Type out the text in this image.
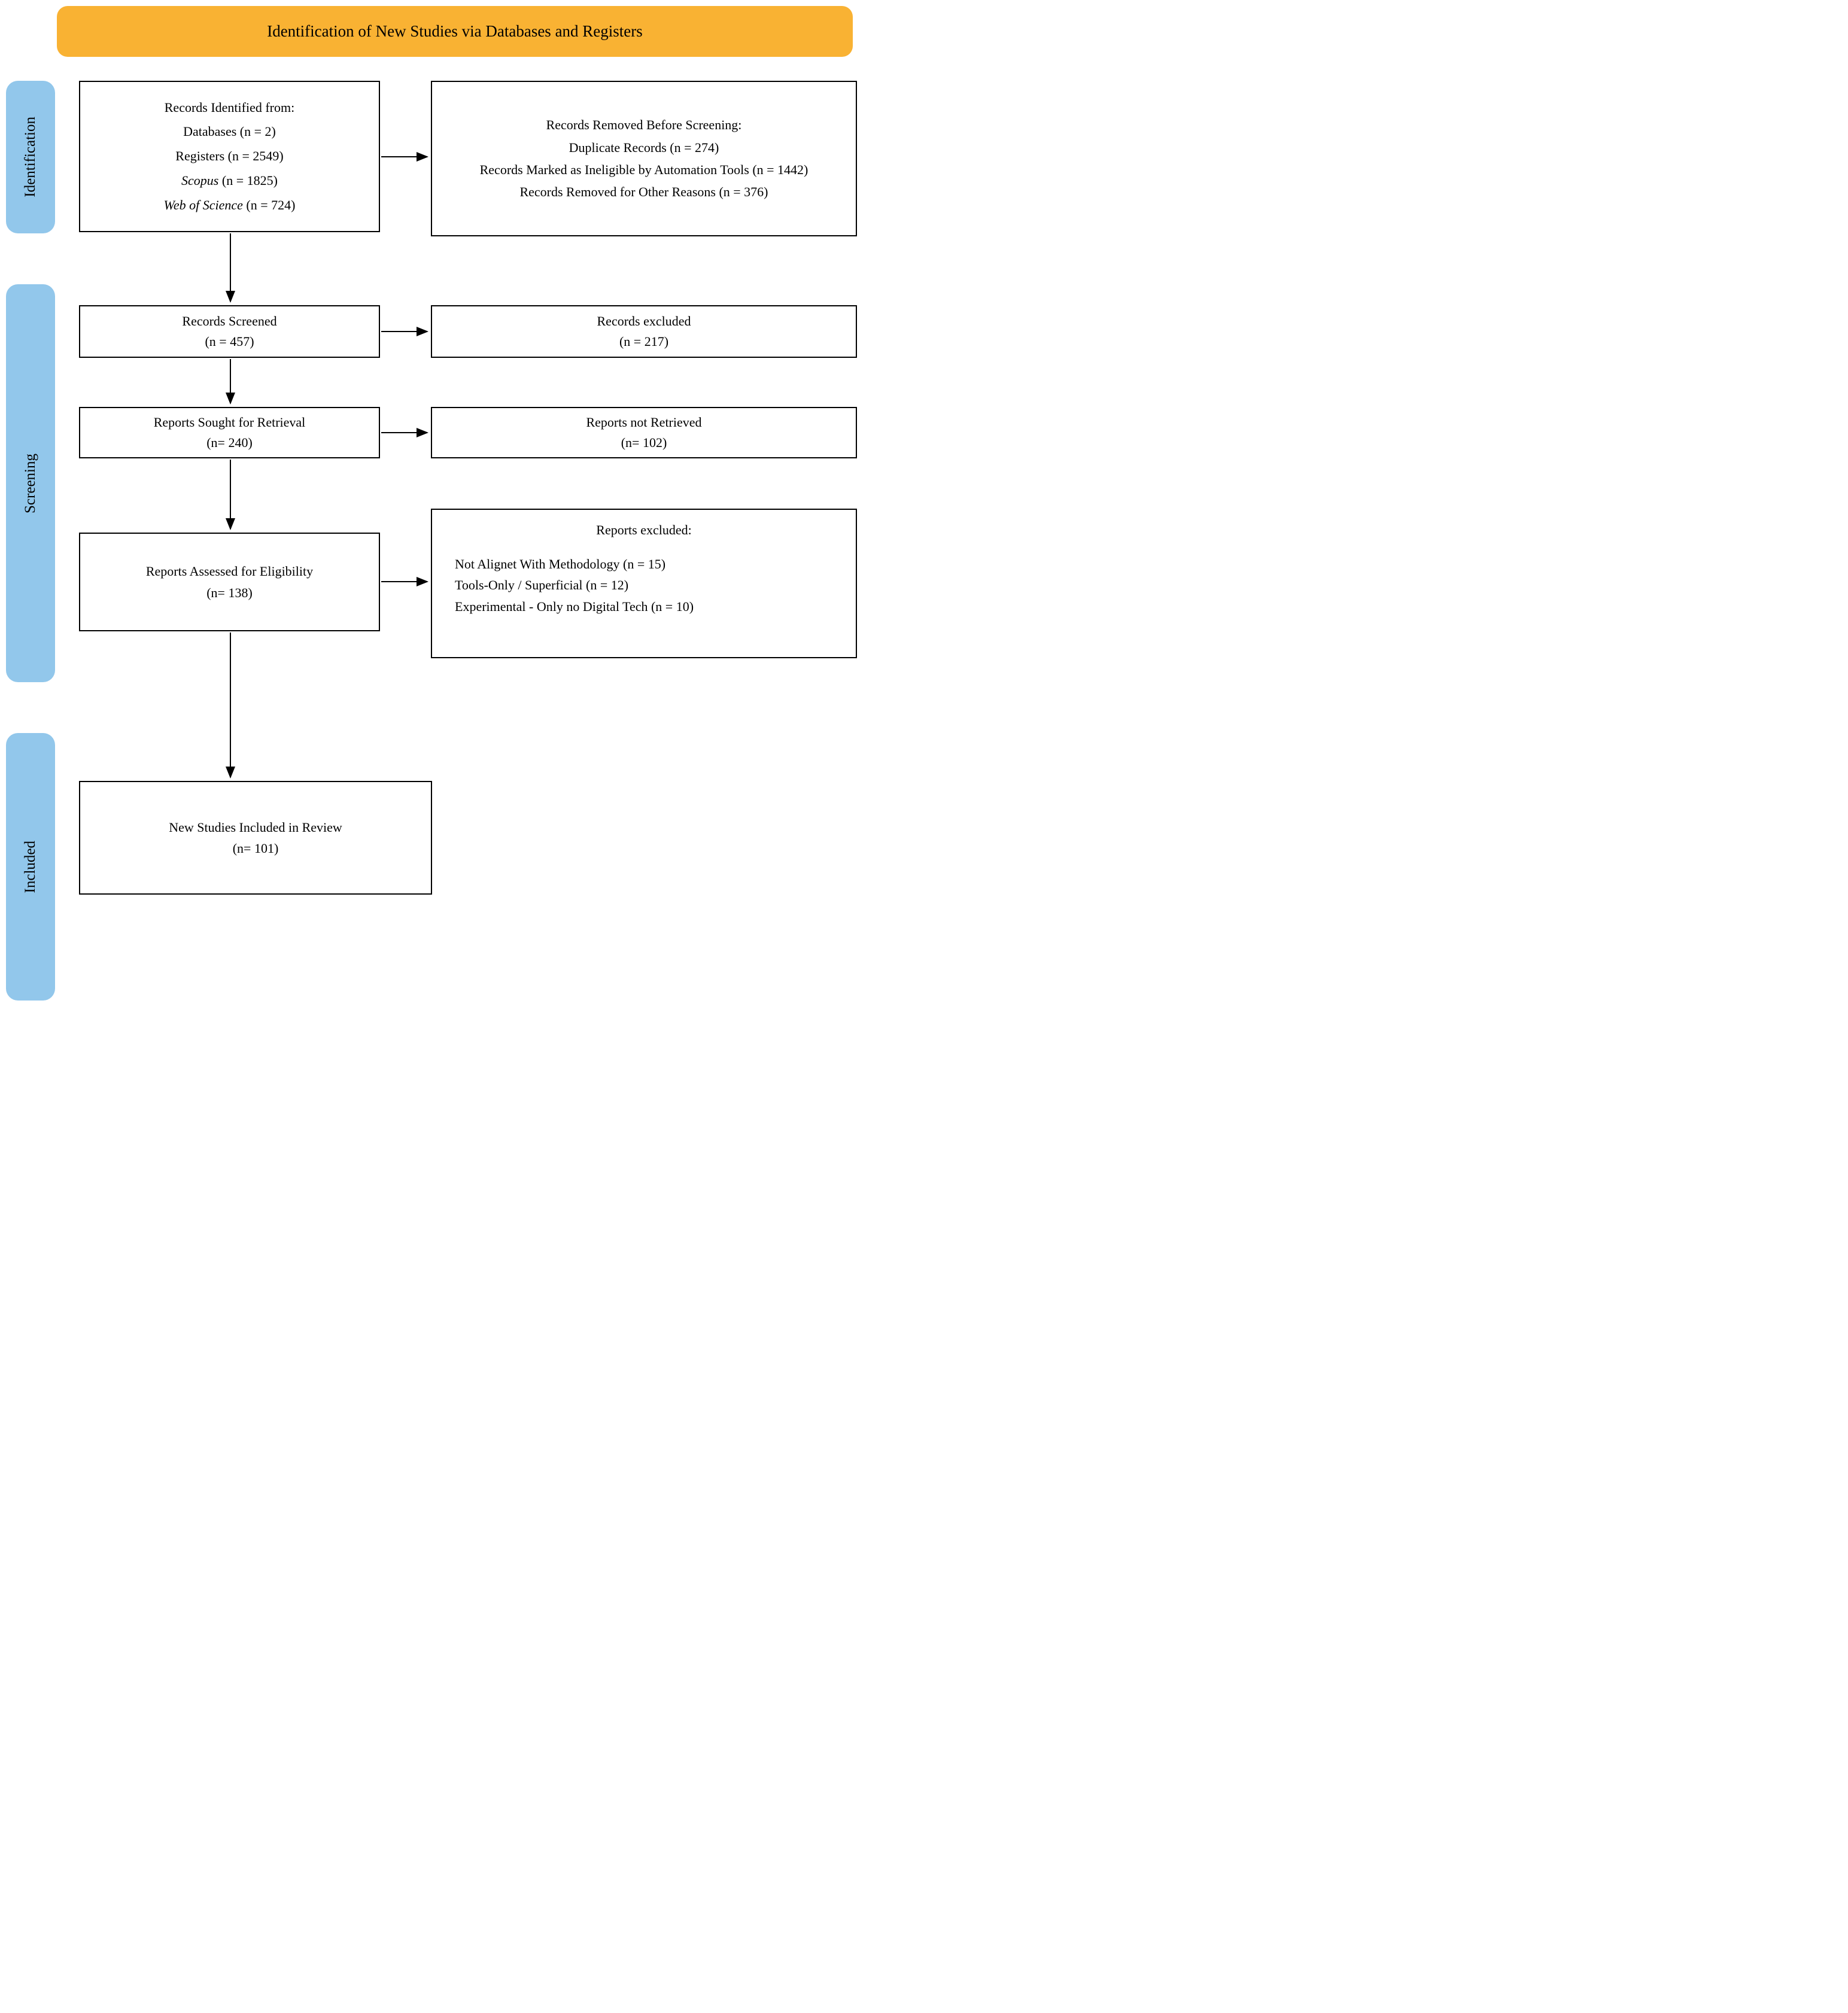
Identification of New Studies via Databases and Registers
Identification
Screening
Included
Records Identified from:
Databases (n = 2)
Registers (n = 2549)
Scopus (n = 1825)
Web of Science (n = 724)
Records Removed Before Screening:
Duplicate Records (n = 274)
Records Marked as Ineligible by Automation Tools (n = 1442)
Records Removed for Other Reasons (n = 376)
Records Screened
(n = 457)
Records excluded
(n = 217)
Reports Sought for Retrieval
(n= 240)
Reports not Retrieved
(n= 102)
Reports Assessed for Eligibility
(n= 138)
Reports excluded:
Not Alignet With Methodology (n = 15)
Tools-Only / Superficial (n = 12)
Experimental - Only no Digital Tech (n = 10)
New Studies Included in Review
(n= 101)
